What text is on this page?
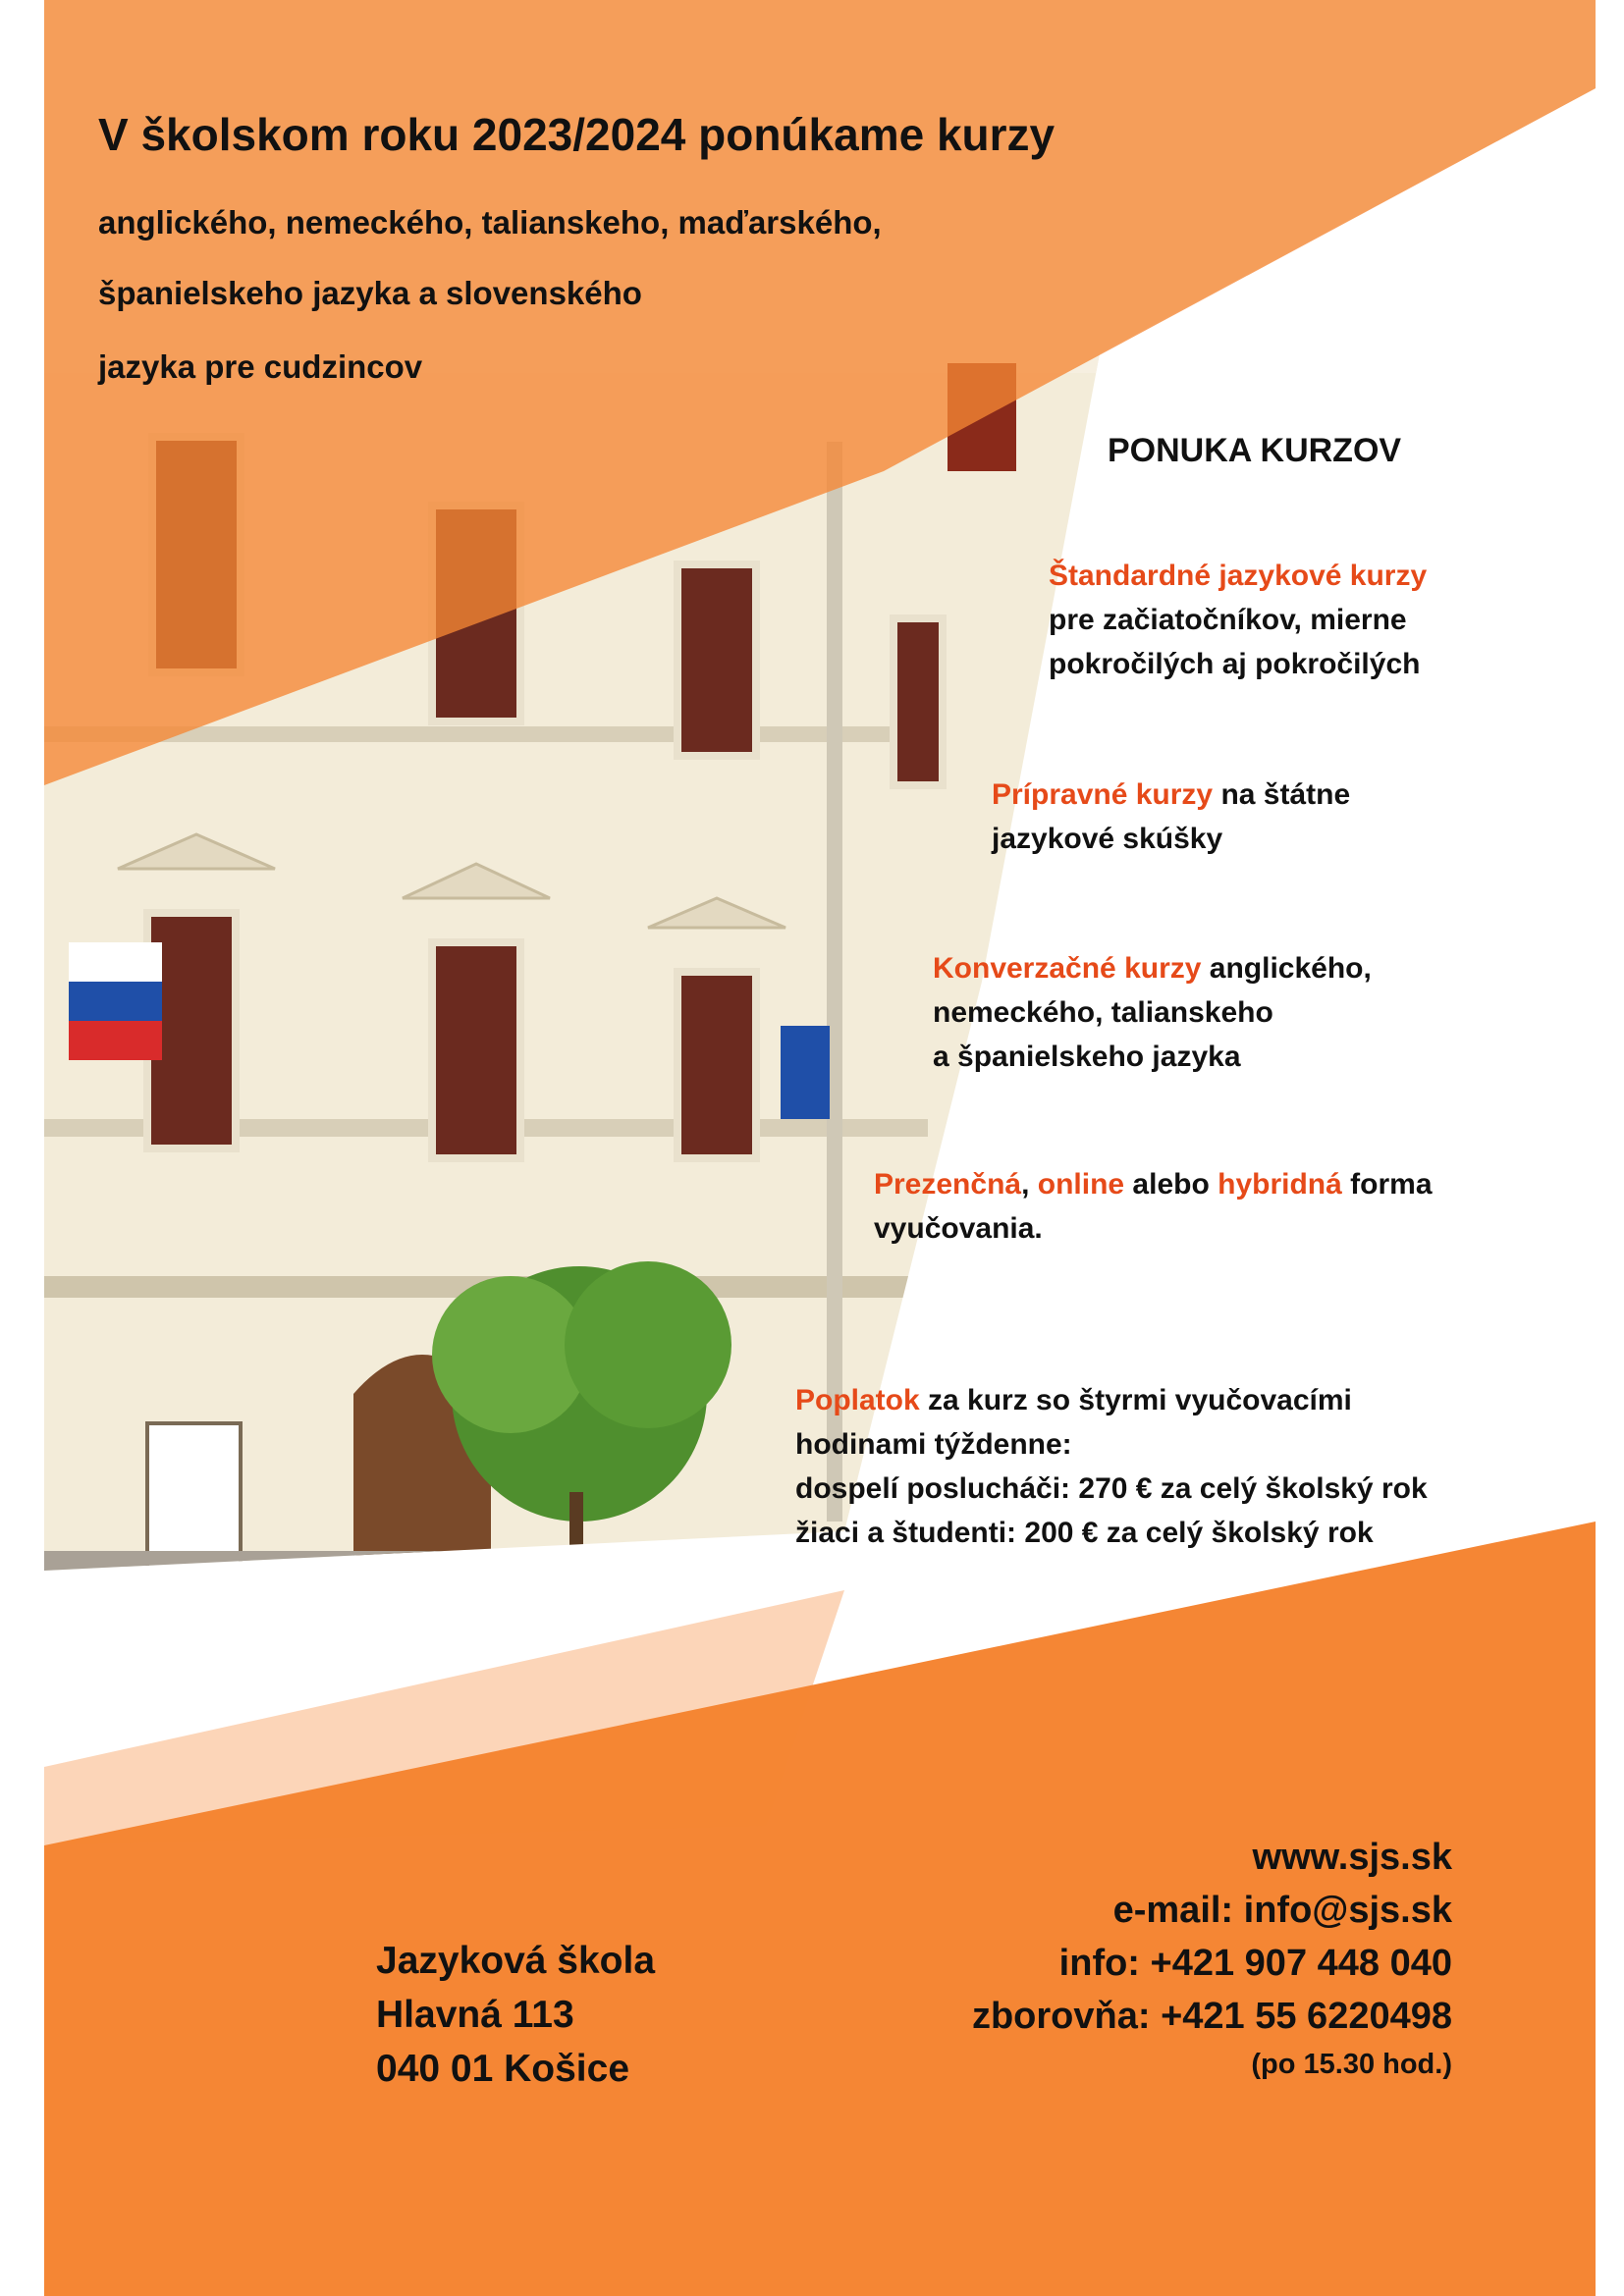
V školskom roku 2023/2024 ponúkame kurzy

anglického, nemeckého, talianskeho, maďarského,

španielskeho jazyka a slovenského

jazyka pre cudzincov

PONUKA KURZOV

Štandardné jazykové kurzy

pre začiatočníkov, mierne

pokročilých aj pokročilých

Prípravné kurzy na štátne

jazykové skúšky

Konverzačné kurzy anglického,

nemeckého, talianskeho

a španielskeho jazyka

Prezenčná, online alebo hybridná forma

vyučovania.

Poplatok za kurz so štyrmi vyučovacími

hodinami týždenne:

dospelí poslucháči: 270 € za celý školský rok

žiaci a študenti: 200 € za celý školský rok

Jazyková škola

Hlavná 113

040 01 Košice

www.sjs.sk

e-mail: info@sjs.sk

info: +421 907 448 040

zborovňa: +421 55 6220498

(po 15.30 hod.)
